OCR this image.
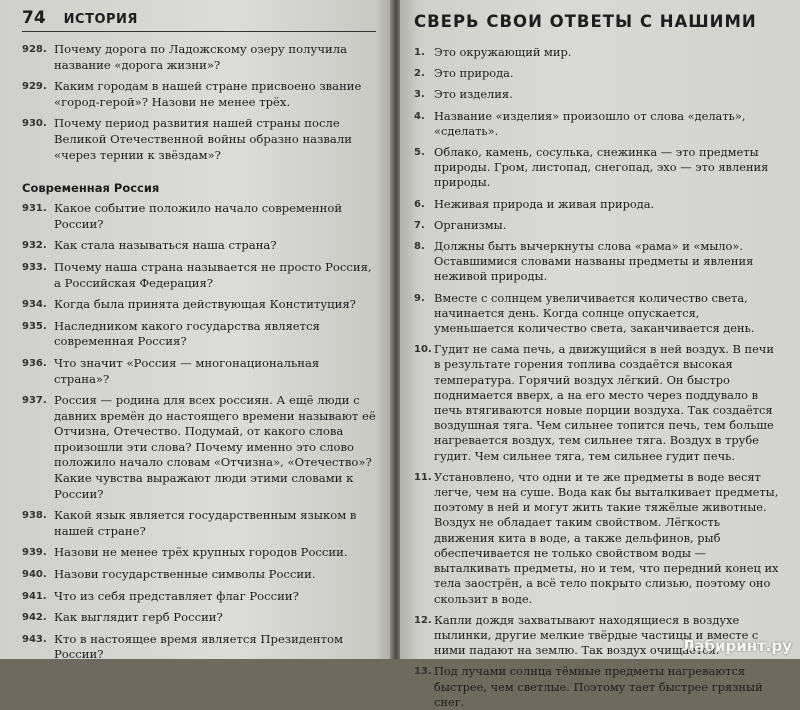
74 ИСТОРИЯ
928. Почему дорога по Ладожскому озеру получила название «дорога жизни»?
929. Каким городам в нашей стране присвоено звание «город-герой»? Назови не менее трёх.
930. Почему период развития нашей страны после Великой Отечественной войны образно назвали «через тернии к звёздам»?
Современная Россия
931. Какое событие положило начало современной России?
932. Как стала называться наша страна?
933. Почему наша страна называется не просто Россия, а Российская Федерация?
934. Когда была принята действующая Конституция?
935. Наследником какого государства является современная Россия?
936. Что значит «Россия — многонациональная страна»?
937. Россия — родина для всех россиян. А ещё люди с давних времён до настоящего времени называют её Отчизна, Отечество. Подумай, от какого слова произошли эти слова? Почему именно это слово положило начало словам «Отчизна», «Отечество»? Какие чувства выражают люди этими словами к России?
938. Какой язык является государственным языком в нашей стране?
939. Назови не менее трёх крупных городов России.
940. Назови государственные символы России.
941. Что из себя представляет флаг России?
942. Как выглядит герб России?
943. Кто в настоящее время является Президентом России?
СВЕРЬ СВОИ ОТВЕТЫ С НАШИМИ
1. Это окружающий мир.
2. Это природа.
3. Это изделия.
4. Название «изделия» произошло от слова «делать», «сделать».
5. Облако, камень, сосулька, снежинка — это предметы природы. Гром, листопад, снегопад, эхо — это явления природы.
6. Неживая природа и живая природа.
7. Организмы.
8. Должны быть вычеркнуты слова «рама» и «мыло». Оставшимися словами названы предметы и явления неживой природы.
9. Вместе с солнцем увеличивается количество света, начинается день. Когда солнце опускается, уменьшается количество света, заканчивается день.
10. Гудит не сама печь, а движущийся в ней воздух. В печи в результате горения топлива создаётся высокая температура. Горячий воздух лёгкий. Он быстро поднимается вверх, а на его место через поддувало в печь втягиваются новые порции воздуха. Так создаётся воздушная тяга. Чем сильнее топится печь, тем больше нагревается воздух, тем сильнее тяга. Воздух в трубе гудит. Чем сильнее тяга, тем сильнее гудит печь.
11. Установлено, что одни и те же предметы в воде весят легче, чем на суше. Вода как бы выталкивает предметы, поэтому в ней и могут жить такие тяжёлые животные. Воздух не обладает таким свойством. Лёгкость движения кита в воде, а также дельфинов, рыб обеспечивается не только свойством воды — выталкивать предметы, но и тем, что передний конец их тела заострён, а всё тело покрыто слизью, поэтому оно скользит в воде.
12. Капли дождя захватывают находящиеся в воздухе пылинки, другие мелкие твёрдые частицы и вместе с ними падают на землю. Так воздух очищается.
13. Под лучами солнца тёмные предметы нагреваются быстрее, чем светлые. Поэтому тает быстрее грязный снег.
Лабиринт.ру
